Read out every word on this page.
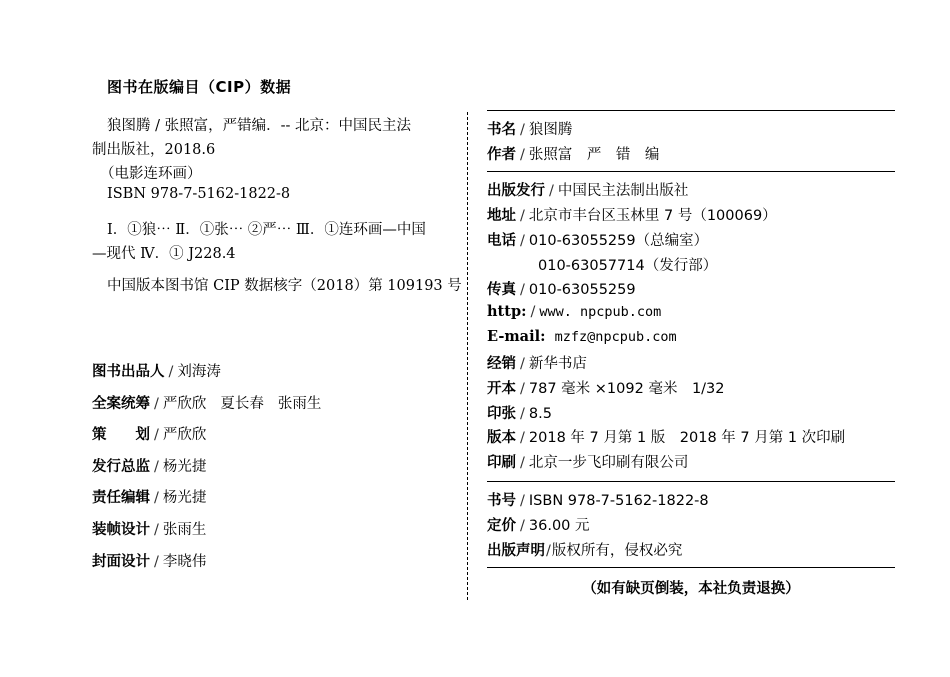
图书在版编目（CIP）数据
狼图腾 / 张照富，严错编．-- 北京：中国民主法
制出版社，2018.6
（电影连环画）
ISBN 978-7-5162-1822-8
Ⅰ．①狼⋯ Ⅱ．①张⋯ ②严⋯ Ⅲ．①连环画—中国
—现代 Ⅳ．① J228.4
中国版本图书馆 CIP 数据核字（2018）第 109193 号
图书出品人 / 刘海涛
全案统筹 / 严欣欣 夏长春 张雨生
策　　划 / 严欣欣
发行总监 / 杨光捷
责任编辑 / 杨光捷
装帧设计 / 张雨生
封面设计 / 李晓伟
书名 / 狼图腾
作者 / 张照富　严　错　编
出版发行 / 中国民主法制出版社
地址 / 北京市丰台区玉林里 7 号（100069）
电话 / 010-63055259（总编室）
010-63057714（发行部）
传真 / 010-63055259
http: / www. npcpub.com
E-mail: mzfz@npcpub.com
经销 / 新华书店
开本 / 787 毫米 ×1092 毫米　1/32
印张 / 8.5
版本 / 2018 年 7 月第 1 版　2018 年 7 月第 1 次印刷
印刷 / 北京一步飞印刷有限公司
书号 / ISBN 978-7-5162-1822-8
定价 / 36.00 元
出版声明/版权所有，侵权必究
（如有缺页倒装，本社负责退换）
